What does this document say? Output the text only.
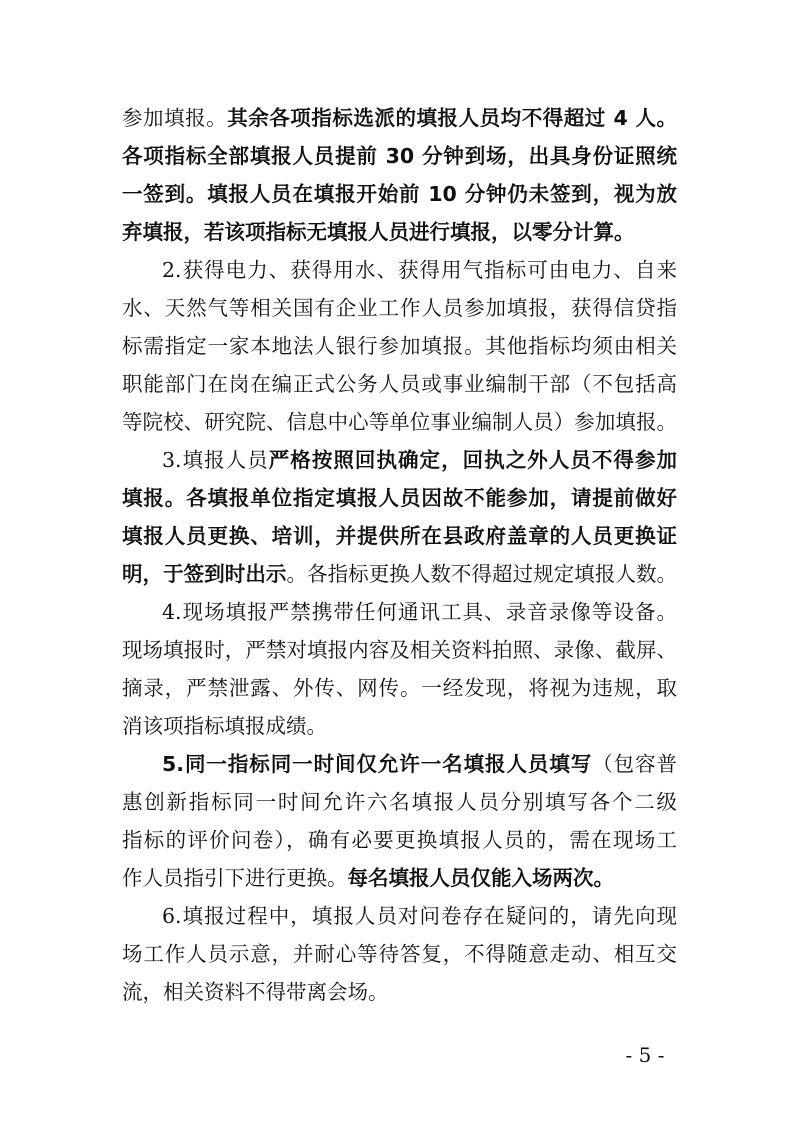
参加填报。其余各项指标选派的填报人员均不得超过 4 人。
各项指标全部填报人员提前 30 分钟到场，出具身份证照统
一签到。填报人员在填报开始前 10 分钟仍未签到，视为放
弃填报，若该项指标无填报人员进行填报，以零分计算。
2.获得电力、获得用水、获得用气指标可由电力、自来
水、天然气等相关国有企业工作人员参加填报，获得信贷指
标需指定一家本地法人银行参加填报。其他指标均须由相关
职能部门在岗在编正式公务人员或事业编制干部（不包括高
等院校、研究院、信息中心等单位事业编制人员）参加填报。
3.填报人员严格按照回执确定，回执之外人员不得参加
填报。各填报单位指定填报人员因故不能参加，请提前做好
填报人员更换、培训，并提供所在县政府盖章的人员更换证
明，于签到时出示。各指标更换人数不得超过规定填报人数。
4.现场填报严禁携带任何通讯工具、录音录像等设备。
现场填报时，严禁对填报内容及相关资料拍照、录像、截屏、
摘录，严禁泄露、外传、网传。一经发现，将视为违规，取
消该项指标填报成绩。
5.同一指标同一时间仅允许一名填报人员填写（包容普
惠创新指标同一时间允许六名填报人员分别填写各个二级
指标的评价问卷），确有必要更换填报人员的，需在现场工
作人员指引下进行更换。每名填报人员仅能入场两次。
6.填报过程中，填报人员对问卷存在疑问的，请先向现
场工作人员示意，并耐心等待答复，不得随意走动、相互交
流，相关资料不得带离会场。
- 5 -
